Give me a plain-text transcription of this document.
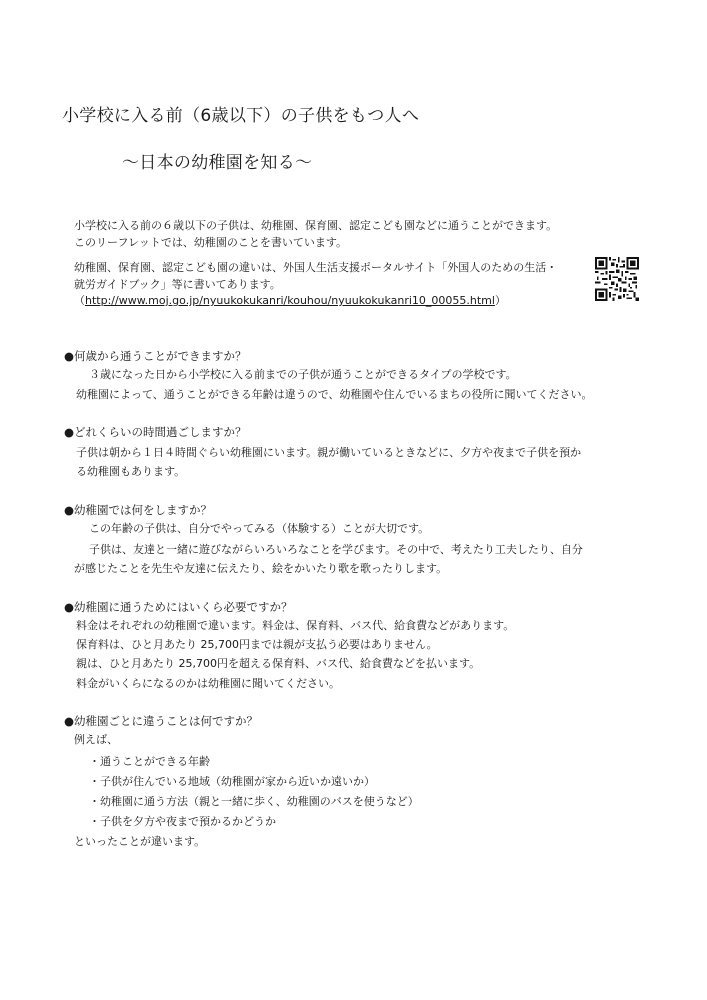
小学校に入る前（6歳以下）の子供をもつ人へ
～日本の幼稚園を知る～
小学校に入る前の６歳以下の子供は、幼稚園、保育園、認定こども園などに通うことができます。
このリーフレットでは、幼稚園のことを書いています。
幼稚園、保育園、認定こども園の違いは、外国人生活支援ポータルサイト「外国人のための生活・
就労ガイドブック」等に書いてあります。
（http://www.moj.go.jp/nyuukokukanri/kouhou/nyuukokukanri10_00055.html）
●何歳から通うことができますか？
３歳になった日から小学校に入る前までの子供が通うことができるタイプの学校です。
幼稚園によって、通うことができる年齢は違うので、幼稚園や住んでいるまちの役所に聞いてください。
●どれくらいの時間過ごしますか？
子供は朝から１日４時間ぐらい幼稚園にいます。親が働いているときなどに、夕方や夜まで子供を預か
る幼稚園もあります。
●幼稚園では何をしますか？
この年齢の子供は、自分でやってみる（体験する）ことが大切です。
子供は、友達と一緒に遊びながらいろいろなことを学びます。その中で、考えたり工夫したり、自分
が感じたことを先生や友達に伝えたり、絵をかいたり歌を歌ったりします。
●幼稚園に通うためにはいくら必要ですか？
料金はそれぞれの幼稚園で違います。料金は、保育料、バス代、給食費などがあります。
保育料は、ひと月あたり 25,700円までは親が支払う必要はありません。
親は、ひと月あたり 25,700円を超える保育料、バス代、給食費などを払います。
料金がいくらになるのかは幼稚園に聞いてください。
●幼稚園ごとに違うことは何ですか？
例えば、
・通うことができる年齢
・子供が住んでいる地域（幼稚園が家から近いか遠いか）
・幼稚園に通う方法（親と一緒に歩く、幼稚園のバスを使うなど）
・子供を夕方や夜まで預かるかどうか
といったことが違います。
